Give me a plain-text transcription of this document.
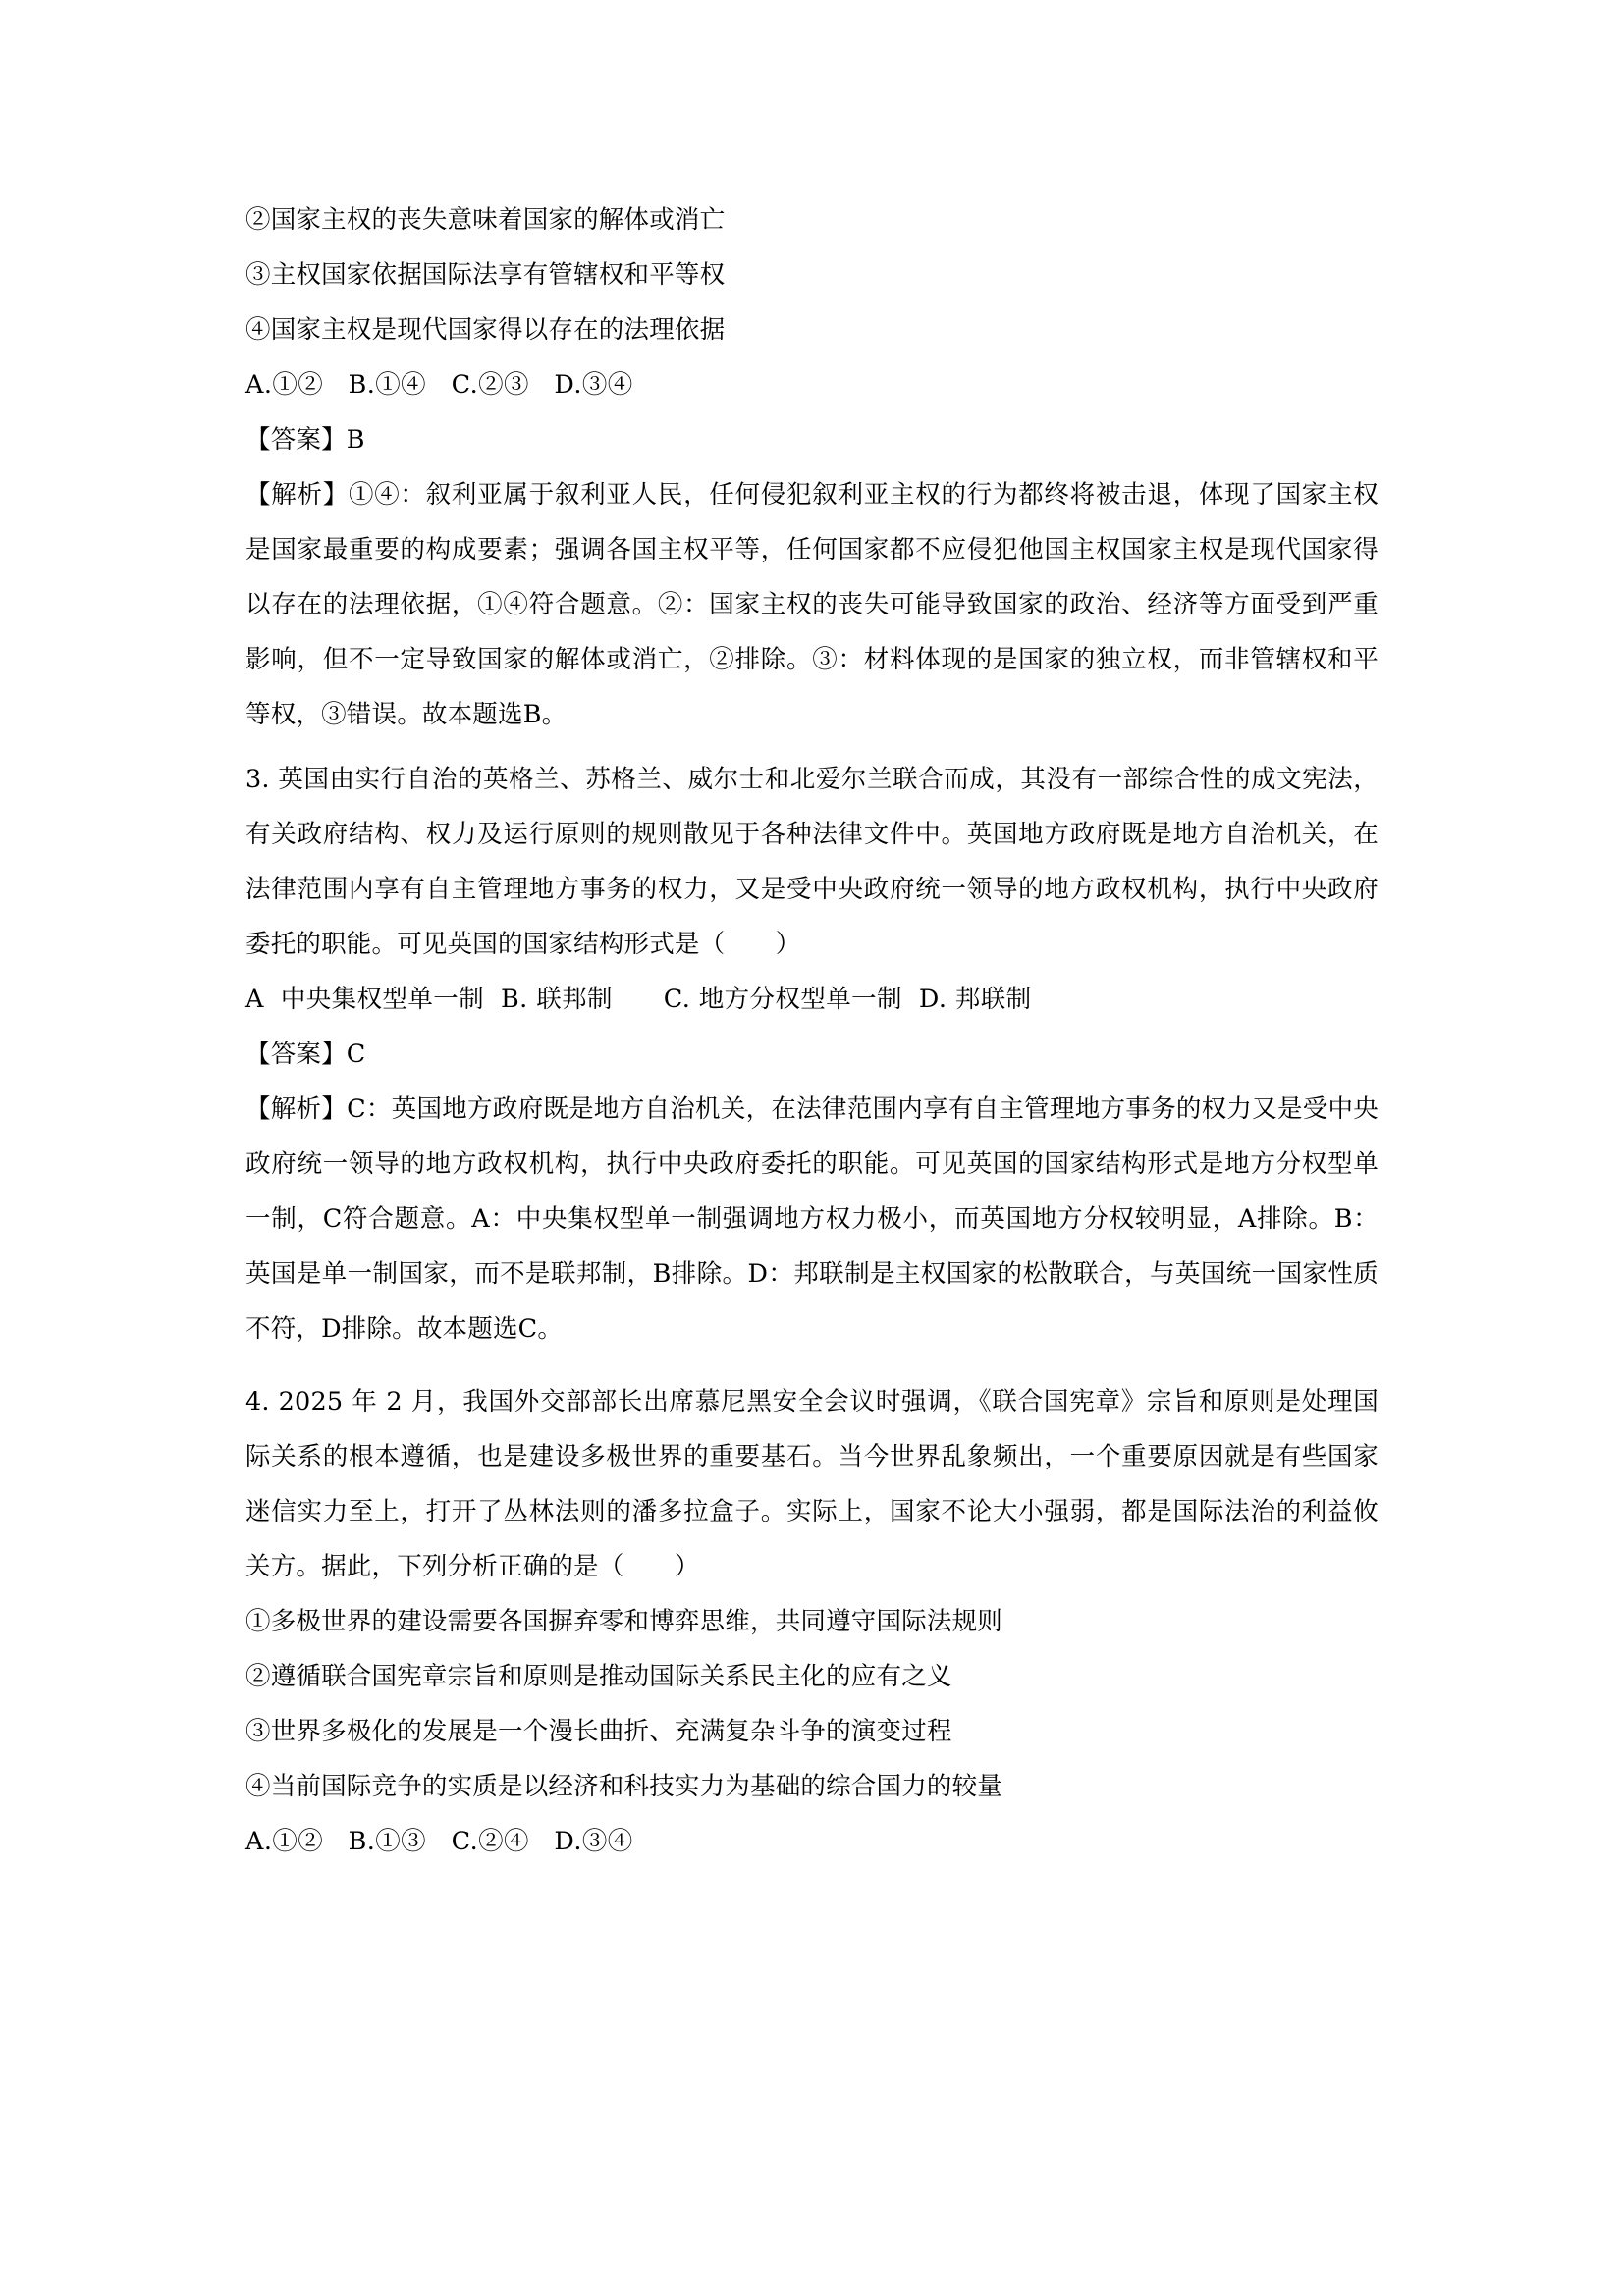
②国家主权的丧失意味着国家的解体或消亡
③主权国家依据国际法享有管辖权和平等权
④国家主权是现代国家得以存在的法理依据
A.①②   B.①④   C.②③   D.③④
【答案】B
【解析】①④：叙利亚属于叙利亚人民，任何侵犯叙利亚主权的行为都终将被击退，体现了国家主权是国家最重要的构成要素；强调各国主权平等，任何国家都不应侵犯他国主权国家主权是现代国家得以存在的法理依据，①④符合题意。②：国家主权的丧失可能导致国家的政治、经济等方面受到严重影响，但不一定导致国家的解体或消亡，②排除。③：材料体现的是国家的独立权，而非管辖权和平等权，③错误。故本题选B。
3. 英国由实行自治的英格兰、苏格兰、威尔士和北爱尔兰联合而成，其没有一部综合性的成文宪法，有关政府结构、权力及运行原则的规则散见于各种法律文件中。英国地方政府既是地方自治机关，在法律范围内享有自主管理地方事务的权力，又是受中央政府统一领导的地方政权机构，执行中央政府委托的职能。可见英国的国家结构形式是（　　）
A  中央集权型单一制  B. 联邦制　　C. 地方分权型单一制  D. 邦联制
【答案】C
【解析】C：英国地方政府既是地方自治机关，在法律范围内享有自主管理地方事务的权力又是受中央政府统一领导的地方政权机构，执行中央政府委托的职能。可见英国的国家结构形式是地方分权型单一制，C符合题意。A：中央集权型单一制强调地方权力极小，而英国地方分权较明显，A排除。B：英国是单一制国家，而不是联邦制，B排除。D：邦联制是主权国家的松散联合，与英国统一国家性质不符，D排除。故本题选C。
4. 2025 年 2 月，我国外交部部长出席慕尼黑安全会议时强调，《联合国宪章》宗旨和原则是处理国际关系的根本遵循，也是建设多极世界的重要基石。当今世界乱象频出，一个重要原因就是有些国家迷信实力至上，打开了丛林法则的潘多拉盒子。实际上，国家不论大小强弱，都是国际法治的利益攸关方。据此，下列分析正确的是（　　）
①多极世界的建设需要各国摒弃零和博弈思维，共同遵守国际法规则
②遵循联合国宪章宗旨和原则是推动国际关系民主化的应有之义
③世界多极化的发展是一个漫长曲折、充满复杂斗争的演变过程
④当前国际竞争的实质是以经济和科技实力为基础的综合国力的较量
A.①②   B.①③   C.②④   D.③④
